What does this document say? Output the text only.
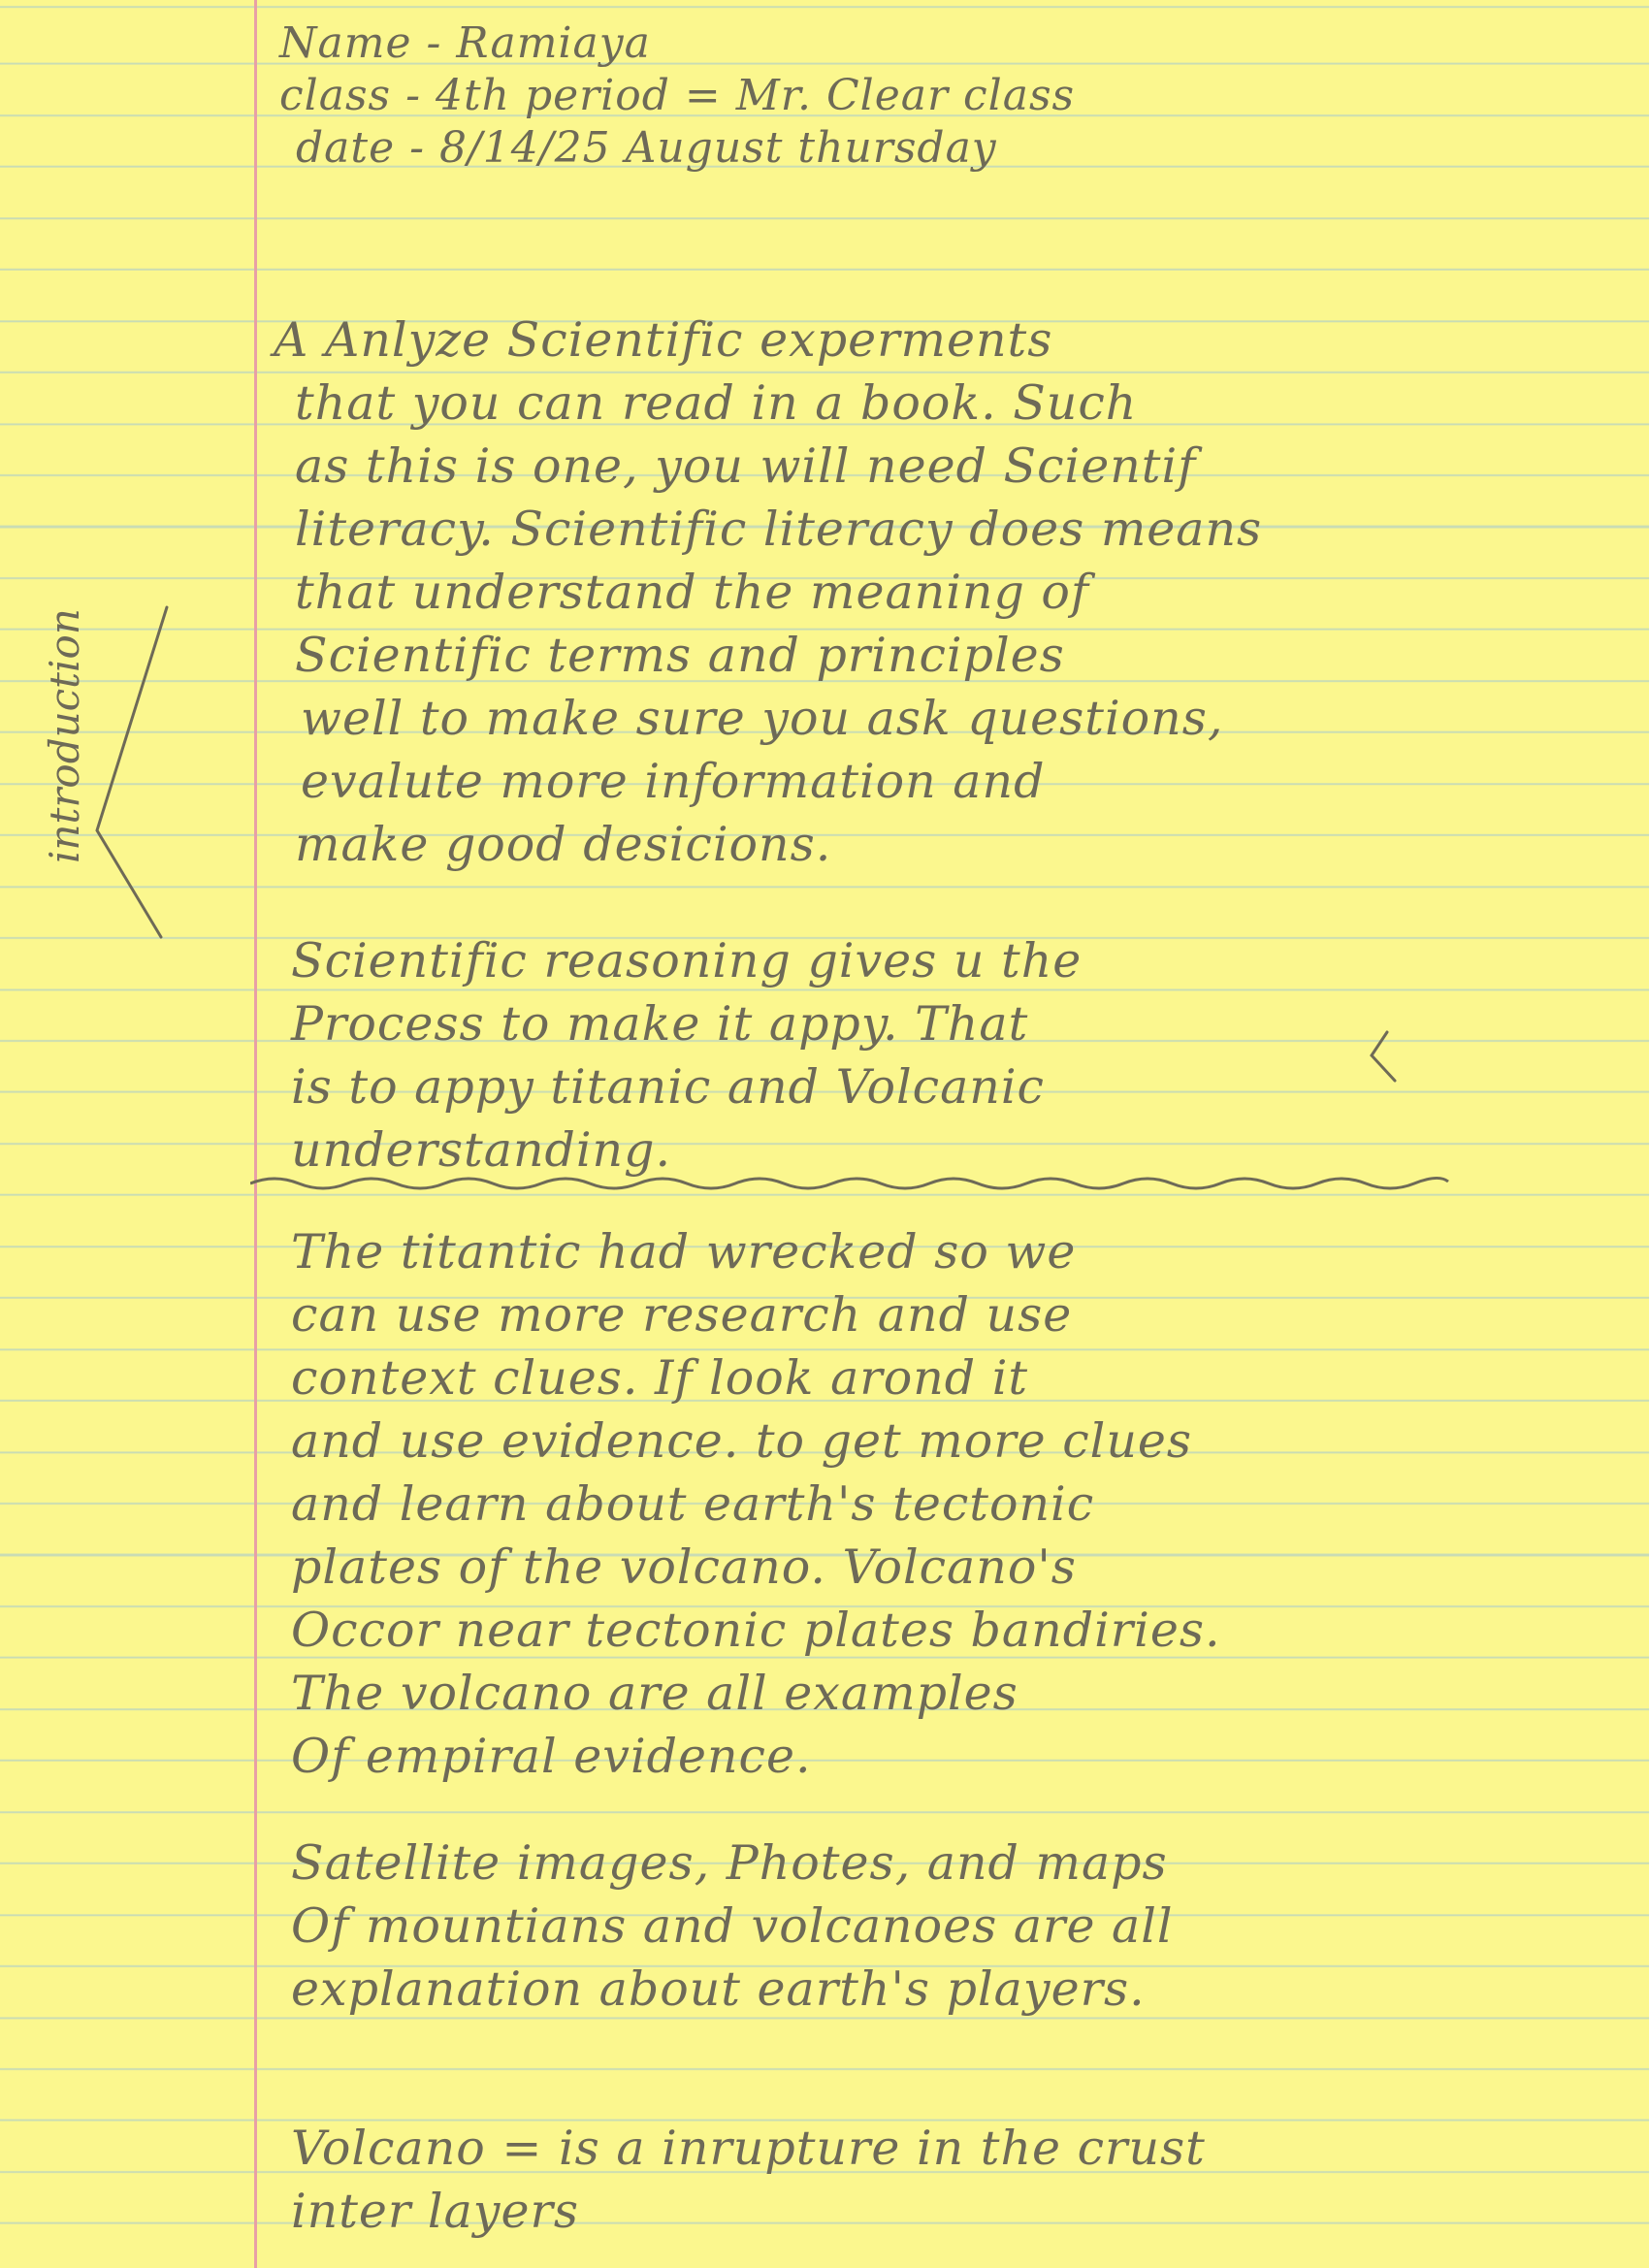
Name - Ramiaya
class - 4th period = Mr. Clear class
date - 8/14/25 August thursday
introduction
A Anlyze Scientific experments
that you can read in a book. Such
as this is one, you will need Scientif
literacy. Scientific literacy does means
that understand the meaning of
Scientific terms and principles
well to make sure you ask questions,
evalute more information and
make good desicions.
Scientific reasoning gives u the
Process to make it appy. That
is to appy titanic and Volcanic
understanding.
The titantic had wrecked so we
can use more research and use
context clues. If look arond it
and use evidence. to get more clues
and learn about earth's tectonic
plates of the volcano. Volcano's
Occor near tectonic plates bandiries.
The volcano are all examples
Of empiral evidence.
Satellite images, Photes, and maps
Of mountians and volcanoes are all
explanation about earth's players.
Volcano = is a inrupture in the crust
inter layers
